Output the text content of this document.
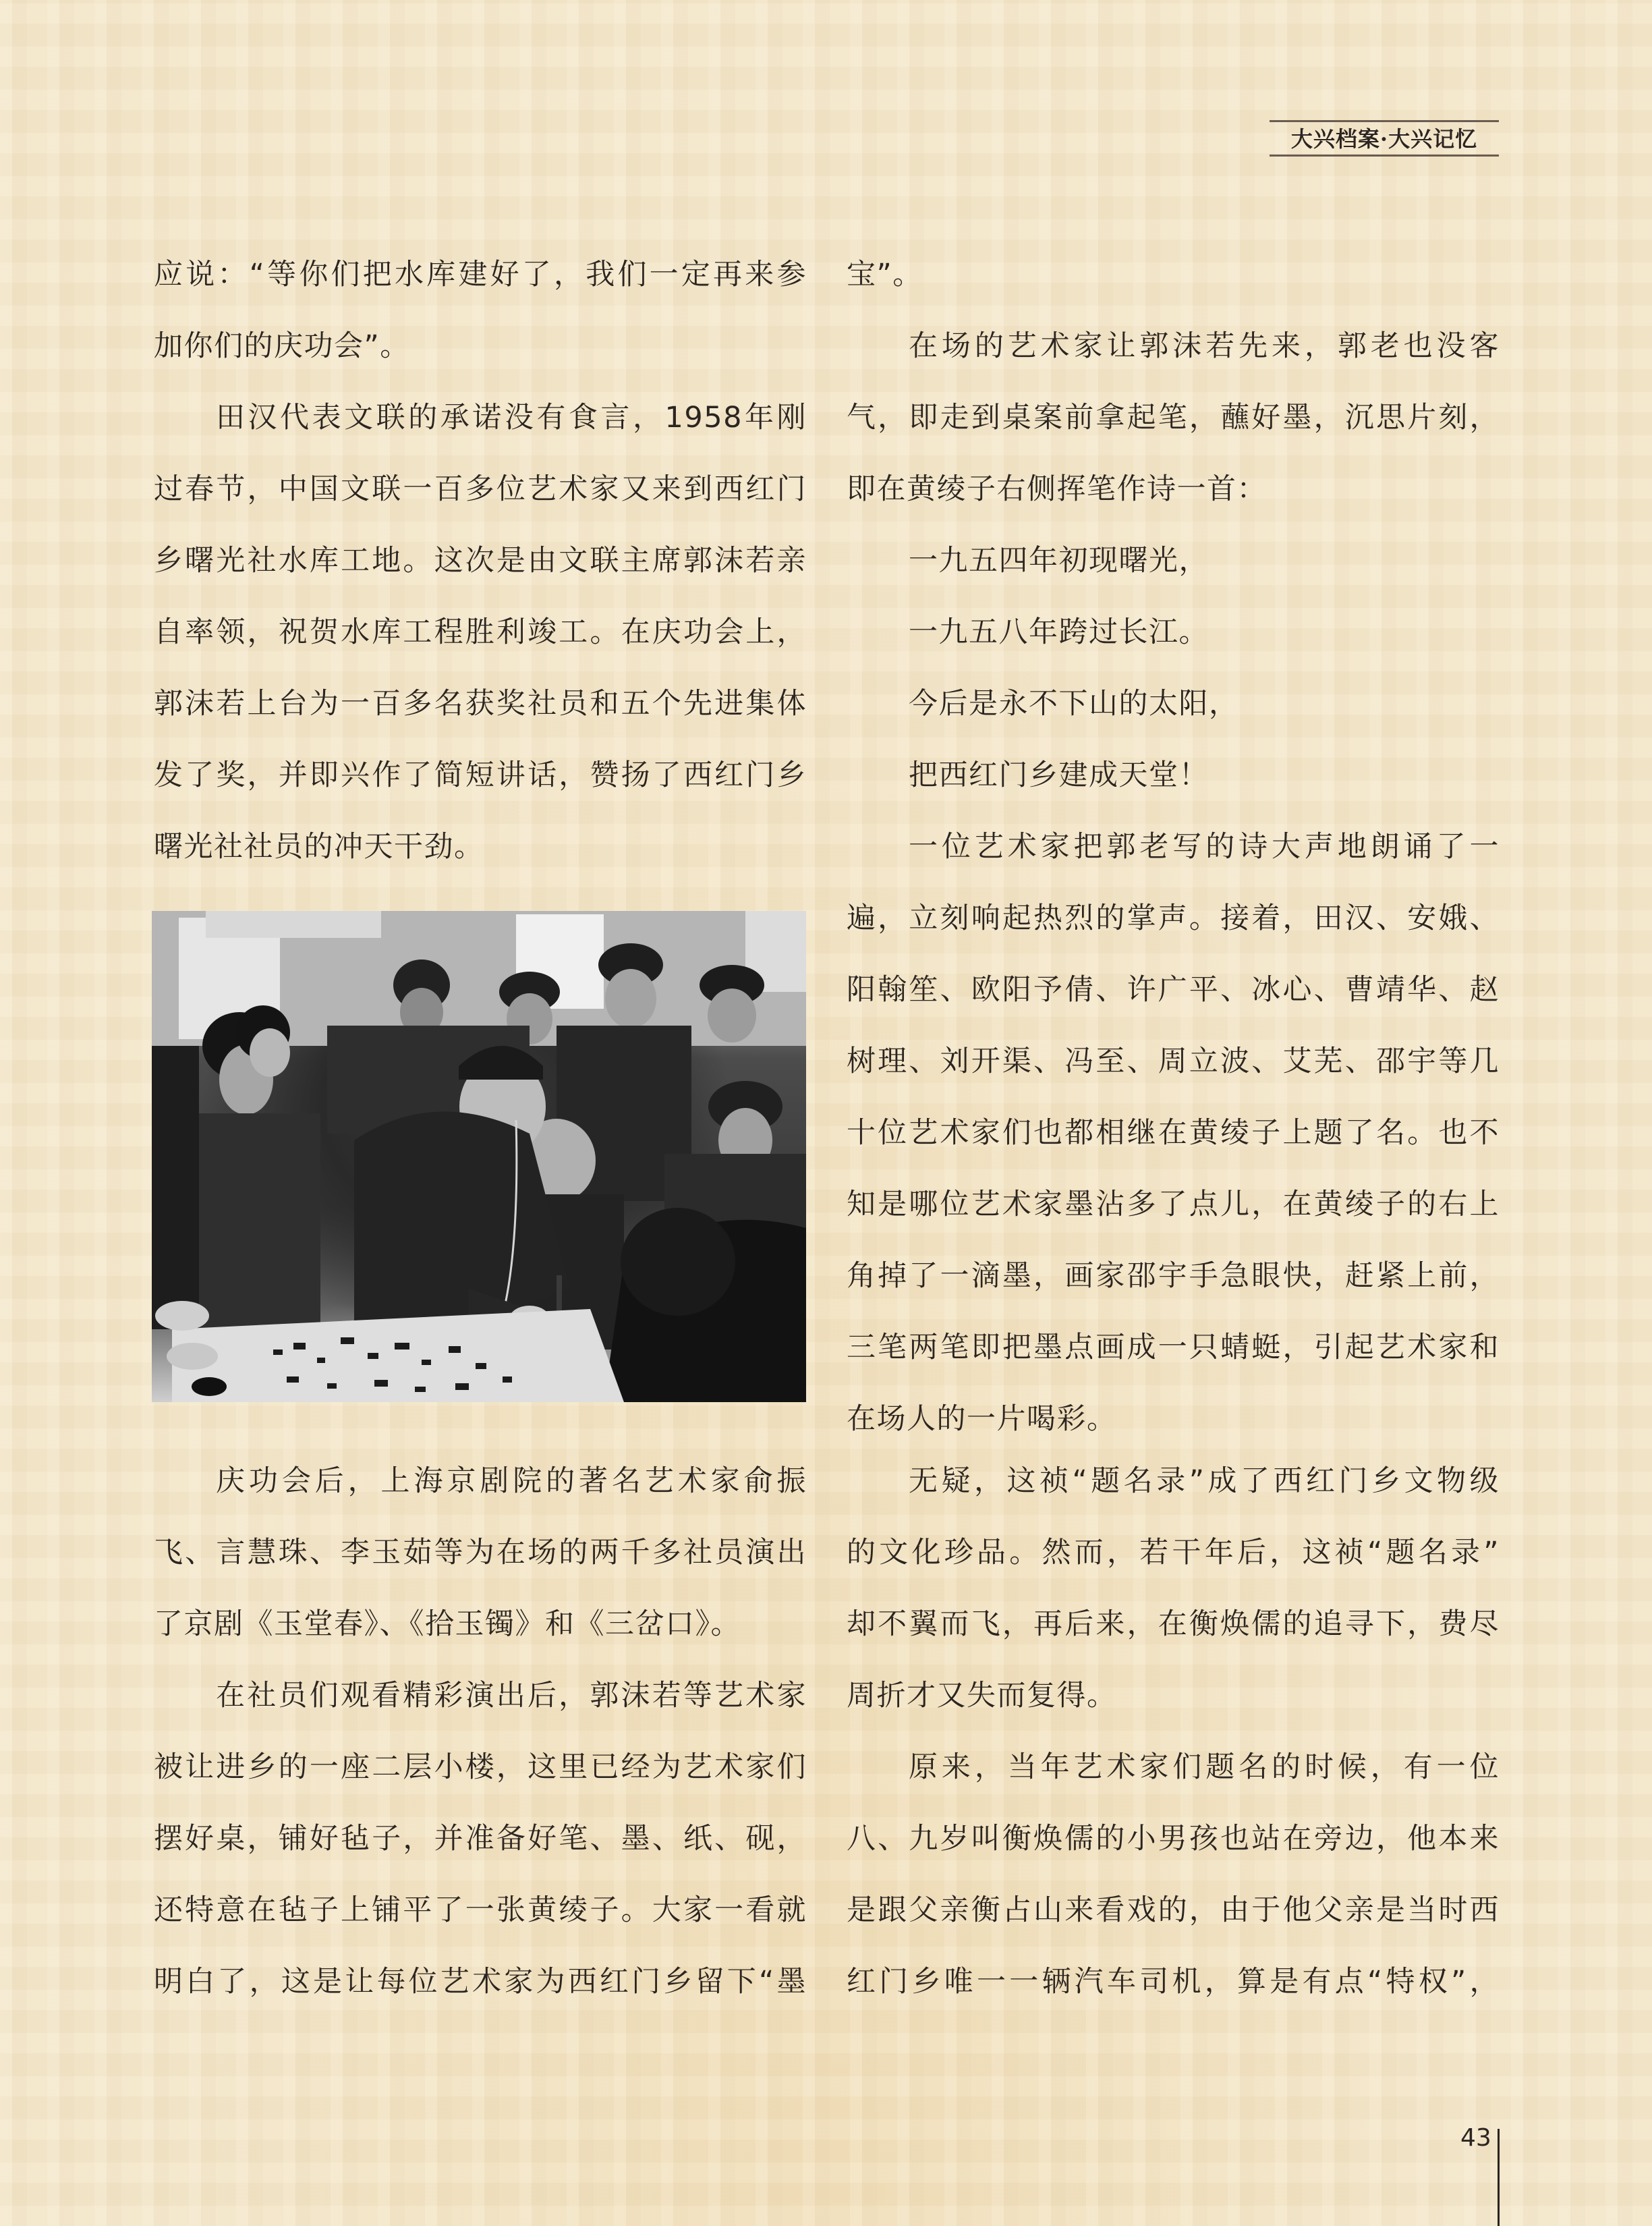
大兴档案·大兴记忆
应说：“等你们把水库建好了，我们一定再来参
加你们的庆功会”。
田汉代表文联的承诺没有食言，1958年刚
过春节，中国文联一百多位艺术家又来到西红门
乡曙光社水库工地。这次是由文联主席郭沫若亲
自率领，祝贺水库工程胜利竣工。在庆功会上，
郭沫若上台为一百多名获奖社员和五个先进集体
发了奖，并即兴作了简短讲话，赞扬了西红门乡
曙光社社员的冲天干劲。
宝”。
在场的艺术家让郭沫若先来，郭老也没客
气，即走到桌案前拿起笔，蘸好墨，沉思片刻，
即在黄绫子右侧挥笔作诗一首：
一九五四年初现曙光，
一九五八年跨过长江。
今后是永不下山的太阳，
把西红门乡建成天堂！
一位艺术家把郭老写的诗大声地朗诵了一
遍，立刻响起热烈的掌声。接着，田汉、安娥、
阳翰笙、欧阳予倩、许广平、冰心、曹靖华、赵
树理、刘开渠、冯至、周立波、艾芜、邵宇等几
十位艺术家们也都相继在黄绫子上题了名。也不
知是哪位艺术家墨沾多了点儿，在黄绫子的右上
角掉了一滴墨，画家邵宇手急眼快，赶紧上前，
三笔两笔即把墨点画成一只蜻蜓，引起艺术家和
在场人的一片喝彩。
庆功会后，上海京剧院的著名艺术家俞振
飞、言慧珠、李玉茹等为在场的两千多社员演出
了京剧《玉堂春》、《拾玉镯》和《三岔口》。
在社员们观看精彩演出后，郭沫若等艺术家
被让进乡的一座二层小楼，这里已经为艺术家们
摆好桌，铺好毡子，并准备好笔、墨、纸、砚，
还特意在毡子上铺平了一张黄绫子。大家一看就
明白了，这是让每位艺术家为西红门乡留下“墨
无疑，这祯“题名录”成了西红门乡文物级
的文化珍品。然而，若干年后，这祯“题名录”
却不翼而飞，再后来，在衡焕儒的追寻下，费尽
周折才又失而复得。
原来，当年艺术家们题名的时候，有一位
八、九岁叫衡焕儒的小男孩也站在旁边，他本来
是跟父亲衡占山来看戏的，由于他父亲是当时西
红门乡唯一一辆汽车司机，算是有点“特权”，
43
